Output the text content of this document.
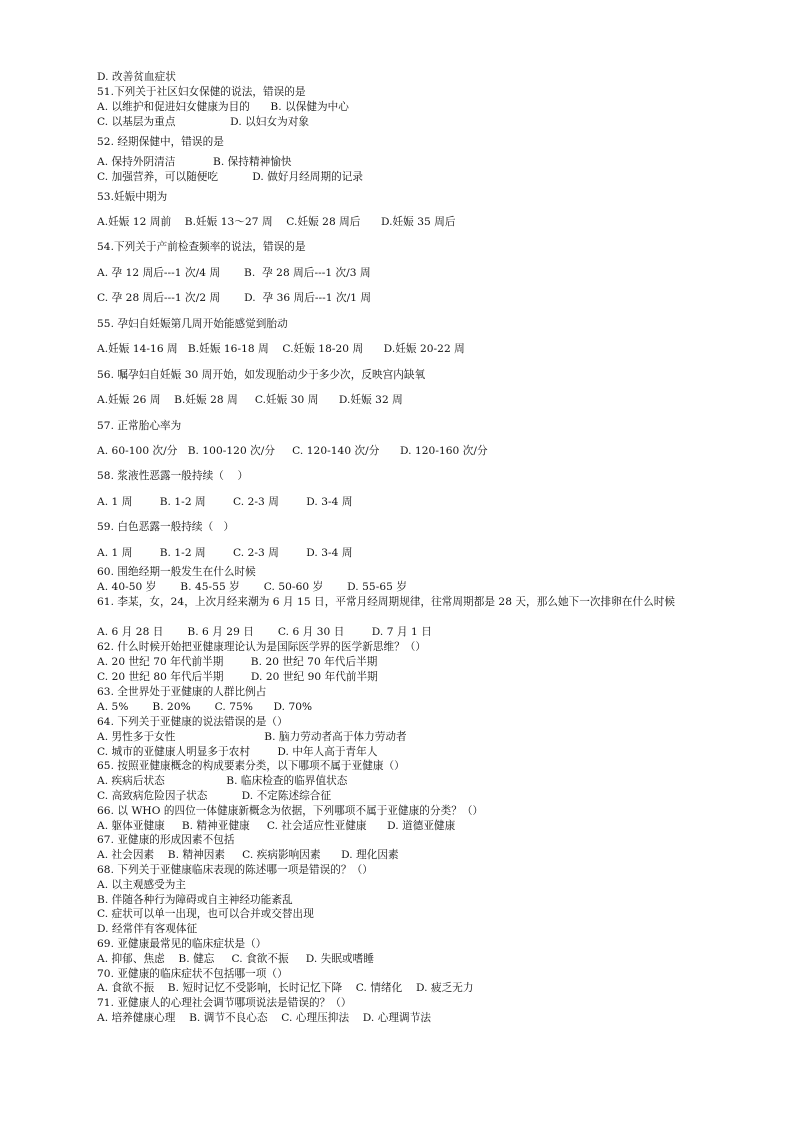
D. 改善贫血症状
51.下列关于社区妇女保健的说法，错误的是
A. 以维护和促进妇女健康为目的      B. 以保健为中心
C. 以基层为重点                D. 以妇女为对象
52. 经期保健中，错误的是
A. 保持外阴清洁           B. 保持精神愉快
C. 加强营养，可以随便吃          D. 做好月经周期的记录
53.妊娠中期为
A.妊娠 12 周前    B.妊娠 13～27 周    C.妊娠 28 周后      D.妊娠 35 周后
54.下列关于产前检查频率的说法，错误的是
A. 孕 12 周后---1 次/4 周       B.  孕 28 周后---1 次/3 周
C. 孕 28 周后---1 次/2 周       D.  孕 36 周后---1 次/1 周
55. 孕妇自妊娠第几周开始能感觉到胎动
A.妊娠 14-16 周   B.妊娠 16-18 周    C.妊娠 18-20 周      D.妊娠 20-22 周
56. 嘱孕妇自妊娠 30 周开始，如发现胎动少于多少次，反映宫内缺氧
A.妊娠 26 周    B.妊娠 28 周     C.妊娠 30 周      D.妊娠 32 周
57. 正常胎心率为
A. 60-100 次/分   B. 100-120 次/分     C. 120-140 次/分      D. 120-160 次/分
58. 浆液性恶露一般持续（    ）
A. 1 周        B. 1-2 周        C. 2-3 周        D. 3-4 周
59. 白色恶露一般持续（   ）
A. 1 周        B. 1-2 周        C. 2-3 周        D. 3-4 周
60. 围绝经期一般发生在什么时候
A. 40-50 岁       B. 45-55 岁       C. 50-60 岁       D. 55-65 岁
61. 李某，女，24，上次月经来潮为 6 月 15 日，平常月经周期规律，往常周期都是 28 天，那么她下一次排卵在什么时候
A. 6 月 28 日       B. 6 月 29 日       C. 6 月 30 日        D. 7 月 1 日
62. 什么时候开始把亚健康理论认为是国际医学界的医学新思维？（）
A. 20 世纪 70 年代前半期        B. 20 世纪 70 年代后半期
C. 20 世纪 80 年代后半期        D. 20 世纪 90 年代前半期
63. 全世界处于亚健康的人群比例占
A. 5%       B. 20%       C. 75%      D. 70%
64. 下列关于亚健康的说法错误的是（）
A. 男性多于女性                          B. 脑力劳动者高于体力劳动者
C. 城市的亚健康人明显多于农村        D. 中年人高于青年人
65. 按照亚健康概念的构成要素分类，以下哪项不属于亚健康（）
A. 疾病后状态                  B. 临床检查的临界值状态
C. 高致病危险因子状态          D. 不定陈述综合征
66. 以 WHO 的四位一体健康新概念为依据，下列哪项不属于亚健康的分类？（）
A. 躯体亚健康     B. 精神亚健康     C. 社会适应性亚健康      D. 道德亚健康
67. 亚健康的形成因素不包括
A. 社会因素    B. 精神因素     C. 疾病影响因素      D. 理化因素
68. 下列关于亚健康临床表现的陈述哪一项是错误的？（）
A. 以主观感受为主
B. 伴随各种行为障碍或自主神经功能紊乱
C. 症状可以单一出现，也可以合并或交替出现
D. 经常伴有客观体征
69. 亚健康最常见的临床症状是（）
A. 抑郁、焦虑    B. 健忘     C. 食欲不振     D. 失眠或嗜睡
70. 亚健康的临床症状不包括哪一项（）
A. 食欲不振    B. 短时记忆不受影响，长时记忆下降    C. 情绪化    D. 疲乏无力
71. 亚健康人的心理社会调节哪项说法是错误的？（）
A. 培养健康心理    B. 调节不良心态    C. 心理压抑法    D. 心理调节法
